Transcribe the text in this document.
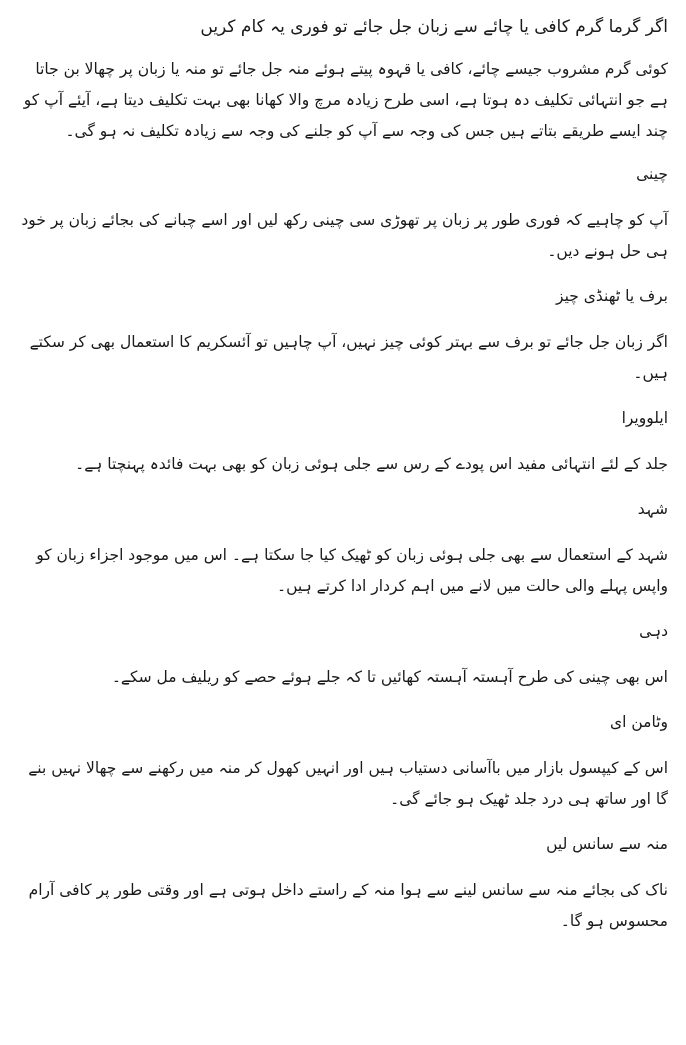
اگر گرما گرم کافی یا چائے سے زبان جل جائے تو فوری یہ کام کریں

کوئی گرم مشروب جیسے چائے، کافی یا قہوہ پیتے ہوئے منہ جل جائے تو منہ یا زبان پر چھالا بن جاتا ہے جو انتہائی تکلیف دہ ہوتا ہے، اسی طرح زیادہ مرچ والا کھانا بھی بہت تکلیف دیتا ہے، آیئے آپ کو چند ایسے طریقے بتاتے ہیں جس کی وجہ سے آپ کو جلنے کی وجہ سے زیادہ تکلیف نہ ہو گی۔

چینی

آپ کو چاہیے کہ فوری طور پر زبان پر تھوڑی سی چینی رکھ لیں اور اسے چبانے کی بجائے زبان پر خود ہی حل ہونے دیں۔

برف یا ٹھنڈی چیز

اگر زبان جل جائے تو برف سے بہتر کوئی چیز نہیں، آپ چاہیں تو آئسکریم کا استعمال بھی کر سکتے ہیں۔

ایلوویرا

جلد کے لئے انتہائی مفید اس پودے کے رس سے جلی ہوئی زبان کو بھی بہت فائدہ پہنچتا ہے۔

شہد

شہد کے استعمال سے بھی جلی ہوئی زبان کو ٹھیک کیا جا سکتا ہے۔ اس میں موجود اجزاء زبان کو واپس پہلے والی حالت میں لانے میں اہم کردار ادا کرتے ہیں۔

دہی

اس بھی چینی کی طرح آہستہ آہستہ کھائیں تا کہ جلے ہوئے حصے کو ریلیف مل سکے۔

وٹامن ای

اس کے کیپسول بازار میں باآسانی دستیاب ہیں اور انہیں کھول کر منہ میں رکھنے سے چھالا نہیں بنے گا اور ساتھ ہی درد جلد ٹھیک ہو جائے گی۔

منہ سے سانس لیں

ناک کی بجائے منہ سے سانس لینے سے ہوا منہ کے راستے داخل ہوتی ہے اور وقتی طور پر کافی آرام محسوس ہو گا۔
